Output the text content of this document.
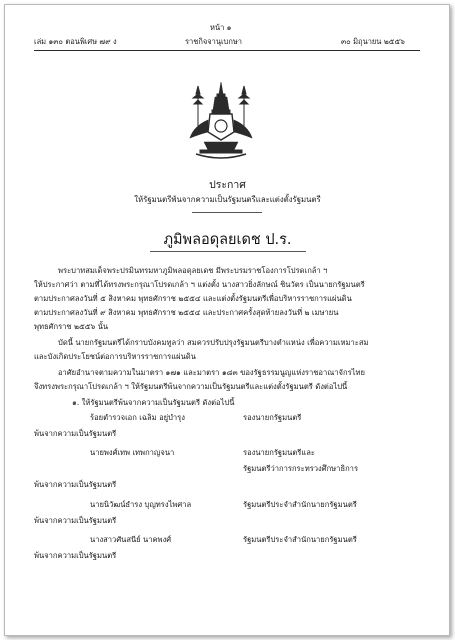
หน้า ๑
เล่ม ๑๓๐ ตอนพิเศษ ๗๙ ง	ราชกิจจานุเบกษา	๓๐ มิถุนายน ๒๕๕๖
ประกาศ
ให้รัฐมนตรีพ้นจากความเป็นรัฐมนตรีและแต่งตั้งรัฐมนตรี
ภูมิพลอดุลยเดช ป.ร.
พระบาทสมเด็จพระปรมินทรมหาภูมิพลอดุลยเดช มีพระบรมราชโองการโปรดเกล้า ฯ
ให้ประกาศว่า ตามที่ได้ทรงพระกรุณาโปรดเกล้า ฯ แต่งตั้ง นางสาวยิ่งลักษณ์ ชินวัตร เป็นนายกรัฐมนตรี
ตามประกาศลงวันที่ ๕ สิงหาคม พุทธศักราช ๒๕๕๔ และแต่งตั้งรัฐมนตรีเพื่อบริหารราชการแผ่นดิน
ตามประกาศลงวันที่ ๙ สิงหาคม พุทธศักราช ๒๕๕๔ และประกาศครั้งสุดท้ายลงวันที่ ๒ เมษายน
พุทธศักราช ๒๕๕๖ นั้น
บัดนี้ นายกรัฐมนตรีได้กราบบังคมทูลว่า สมควรปรับปรุงรัฐมนตรีบางตำแหน่ง เพื่อความเหมาะสม
และบังเกิดประโยชน์ต่อการบริหารราชการแผ่นดิน
อาศัยอำนาจตามความในมาตรา ๑๗๑ และมาตรา ๑๘๓ ของรัฐธรรมนูญแห่งราชอาณาจักรไทย
จึงทรงพระกรุณาโปรดเกล้า ฯ ให้รัฐมนตรีพ้นจากความเป็นรัฐมนตรีและแต่งตั้งรัฐมนตรี ดังต่อไปนี้
๑. ให้รัฐมนตรีพ้นจากความเป็นรัฐมนตรี ดังต่อไปนี้
ร้อยตำรวจเอก เฉลิม อยู่บำรุง	รองนายกรัฐมนตรี
พ้นจากความเป็นรัฐมนตรี
นายพงศ์เทพ เทพกาญจนา	รองนายกรัฐมนตรีและ
รัฐมนตรีว่าการกระทรวงศึกษาธิการ
พ้นจากความเป็นรัฐมนตรี
นายนิวัฒน์ธำรง บุญทรงไพศาล	รัฐมนตรีประจำสำนักนายกรัฐมนตรี
พ้นจากความเป็นรัฐมนตรี
นางสาวศันสนีย์ นาคพงศ์	รัฐมนตรีประจำสำนักนายกรัฐมนตรี
พ้นจากความเป็นรัฐมนตรี
